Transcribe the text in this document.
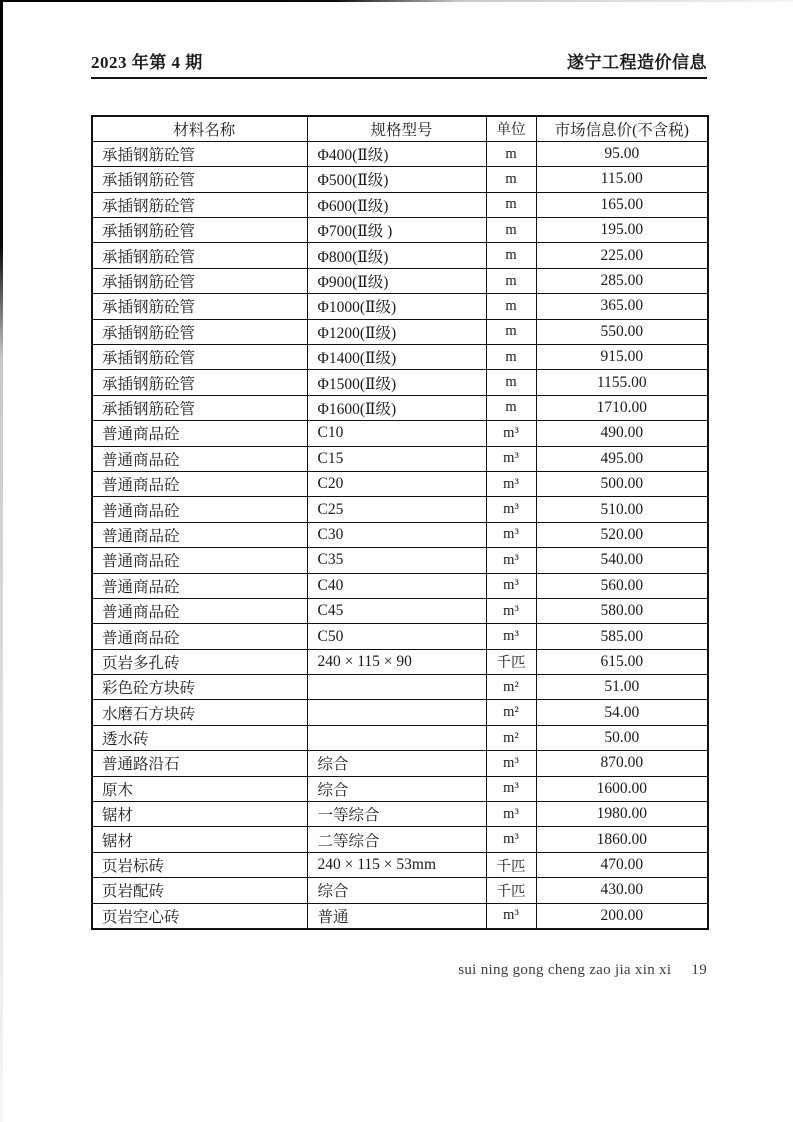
2023 年第 4 期	遂宁工程造价信息
材料名称	规格型号	单位	市场信息价(不含税)
承插钢筋砼管	Φ400(Ⅱ级)	m	95.00
承插钢筋砼管	Φ500(Ⅱ级)	m	115.00
承插钢筋砼管	Φ600(Ⅱ级)	m	165.00
承插钢筋砼管	Φ700(Ⅱ级 )	m	195.00
承插钢筋砼管	Φ800(Ⅱ级)	m	225.00
承插钢筋砼管	Φ900(Ⅱ级)	m	285.00
承插钢筋砼管	Φ1000(Ⅱ级)	m	365.00
承插钢筋砼管	Φ1200(Ⅱ级)	m	550.00
承插钢筋砼管	Φ1400(Ⅱ级)	m	915.00
承插钢筋砼管	Φ1500(Ⅱ级)	m	1155.00
承插钢筋砼管	Φ1600(Ⅱ级)	m	1710.00
普通商品砼	C10	m³	490.00
普通商品砼	C15	m³	495.00
普通商品砼	C20	m³	500.00
普通商品砼	C25	m³	510.00
普通商品砼	C30	m³	520.00
普通商品砼	C35	m³	540.00
普通商品砼	C40	m³	560.00
普通商品砼	C45	m³	580.00
普通商品砼	C50	m³	585.00
页岩多孔砖	240 × 115 × 90	千匹	615.00
彩色砼方块砖		m²	51.00
水磨石方块砖		m²	54.00
透水砖		m²	50.00
普通路沿石	综合	m³	870.00
原木	综合	m³	1600.00
锯材	一等综合	m³	1980.00
锯材	二等综合	m³	1860.00
页岩标砖	240 × 115 × 53mm	千匹	470.00
页岩配砖	综合	千匹	430.00
页岩空心砖	普通	m³	200.00
sui ning gong cheng zao jia xin xi 19
